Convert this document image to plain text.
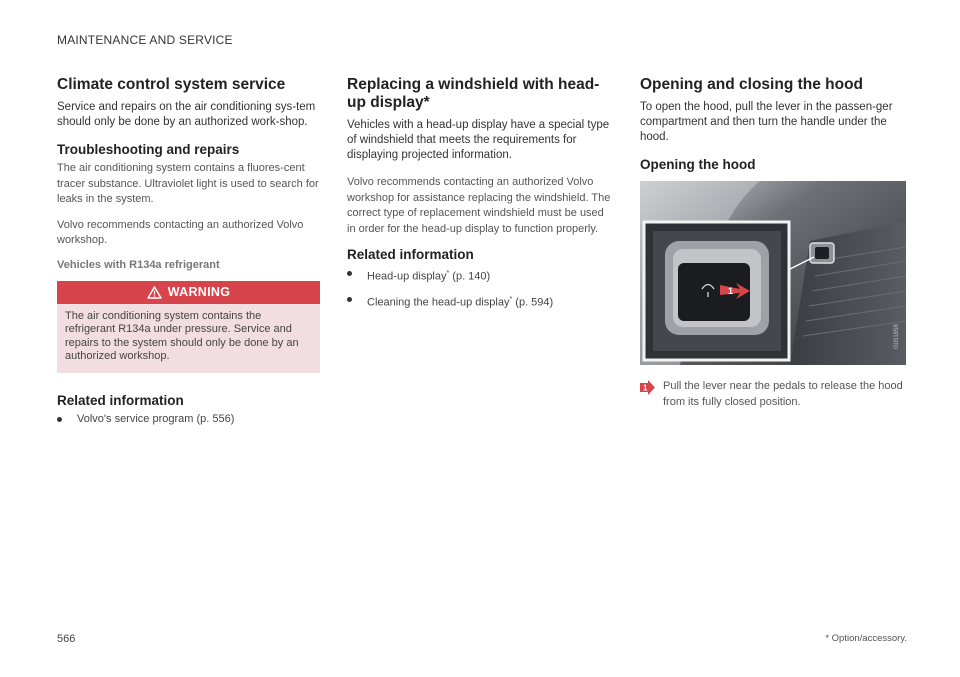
MAINTENANCE AND SERVICE
Climate control system service

Service and repairs on the air conditioning sys-tem should only be done by an authorized work-shop.

Troubleshooting and repairs

The air conditioning system contains a fluores-cent tracer substance. Ultraviolet light is used to search for leaks in the system.

Volvo recommends contacting an authorized Volvo workshop.

Vehicles with R134a refrigerant
WARNING
The air conditioning system contains the refrigerant R134a under pressure. Service and repairs to the system should only be done by an authorized workshop.
Related information
Volvo's service program (p. 556)
Replacing a windshield with head-up display*

Vehicles with a head-up display have a special type of windshield that meets the requirements for displaying projected information.

Volvo recommends contacting an authorized Volvo workshop for assistance replacing the windshield. The correct type of replacement windshield must be used in order for the head-up display to function properly.

Related information
Head-up display* (p. 140)
Cleaning the head-up display* (p. 594)
Opening and closing the hood

To open the hood, pull the lever in the passen-ger compartment and then turn the handle under the hood.

Opening the hood
1
G051858
1 Pull the lever near the pedals to release the hood from its fully closed position.

566	* Option/accessory.
